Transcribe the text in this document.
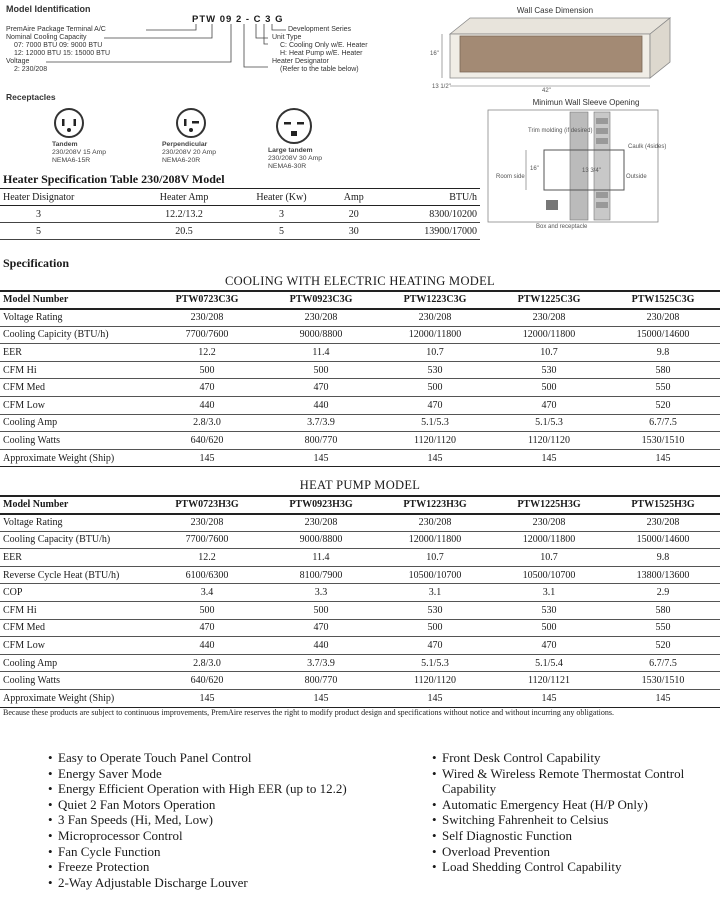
Model Identification
PTW 09 2 - C 3 G
PremAire Package Terminal A/C
Nominal Cooling Capacity
07: 7000 BTU 09: 9000 BTU
12: 12000 BTU 15: 15000 BTU
Voltage
2: 230/208
Development Series
Unit Type
C: Cooling Only w/E. Heater
H: Heat Pump w/E. Heater
Heater Designator
(Refer to the table below)
Receptacles
Tandem
230/208V 15 Amp
NEMA6-15R
Perpendicular
230/208V 20 Amp
NEMA6-20R
Large tandem
230/208V 30 Amp
NEMA6-30R
Wall Case Dimension
16"
13 1/2"
42"
Minimun Wall Sleeve Opening
Trim molding (if desired)
Caulk (4sides)
Room side
16"	13 3/4"
Outside
Box and receptacle
Heater Specification Table 230/208V Model
Heater Disignator	Heater Amp	Heater (Kw)	Amp	BTU/h
3	12.2/13.2	3	20	8300/10200
5	20.5	5	30	13900/17000
Specification
COOLING WITH ELECTRIC HEATING MODEL
Model Number	PTW0723C3G	PTW0923C3G	PTW1223C3G	PTW1225C3G	PTW1525C3G
Voltage Rating	230/208	230/208	230/208	230/208	230/208
Cooling Capicity (BTU/h)	7700/7600	9000/8800	12000/11800	12000/11800	15000/14600
EER	12.2	11.4	10.7	10.7	9.8
CFM Hi	500	500	530	530	580
CFM Med	470	470	500	500	550
CFM Low	440	440	470	470	520
Cooling Amp	2.8/3.0	3.7/3.9	5.1/5.3	5.1/5.3	6.7/7.5
Cooling Watts	640/620	800/770	1120/1120	1120/1120	1530/1510
Approximate Weight (Ship)	145	145	145	145	145
HEAT PUMP MODEL
Model Number	PTW0723H3G	PTW0923H3G	PTW1223H3G	PTW1225H3G	PTW1525H3G
Voltage Rating	230/208	230/208	230/208	230/208	230/208
Cooling Capacity (BTU/h)	7700/7600	9000/8800	12000/11800	12000/11800	15000/14600
EER	12.2	11.4	10.7	10.7	9.8
Reverse Cycle Heat (BTU/h)	6100/6300	8100/7900	10500/10700	10500/10700	13800/13600
COP	3.4	3.3	3.1	3.1	2.9
CFM Hi	500	500	530	530	580
CFM Med	470	470	500	500	550
CFM Low	440	440	470	470	520
Cooling Amp	2.8/3.0	3.7/3.9	5.1/5.3	5.1/5.4	6.7/7.5
Cooling Watts	640/620	800/770	1120/1120	1120/1121	1530/1510
Approximate Weight (Ship)	145	145	145	145	145
Because these products are subject to continuous improvements, PremAire reserves the right to modify product design and specifications without notice and without incurring any obligations.
• Easy to Operate Touch Panel Control
• Energy Saver Mode
• Energy Efficient Operation with High EER (up to 12.2)
• Quiet 2 Fan Motors Operation
• 3 Fan Speeds (Hi, Med, Low)
• Microprocessor Control
• Fan Cycle Function
• Freeze Protection
• 2-Way Adjustable Discharge Louver
• Front Desk Control Capability
• Wired & Wireless Remote Thermostat Control Capability
• Automatic Emergency Heat (H/P Only)
• Switching Fahrenheit to Celsius
• Self Diagnostic Function
• Overload Prevention
• Load Shedding Control Capability
